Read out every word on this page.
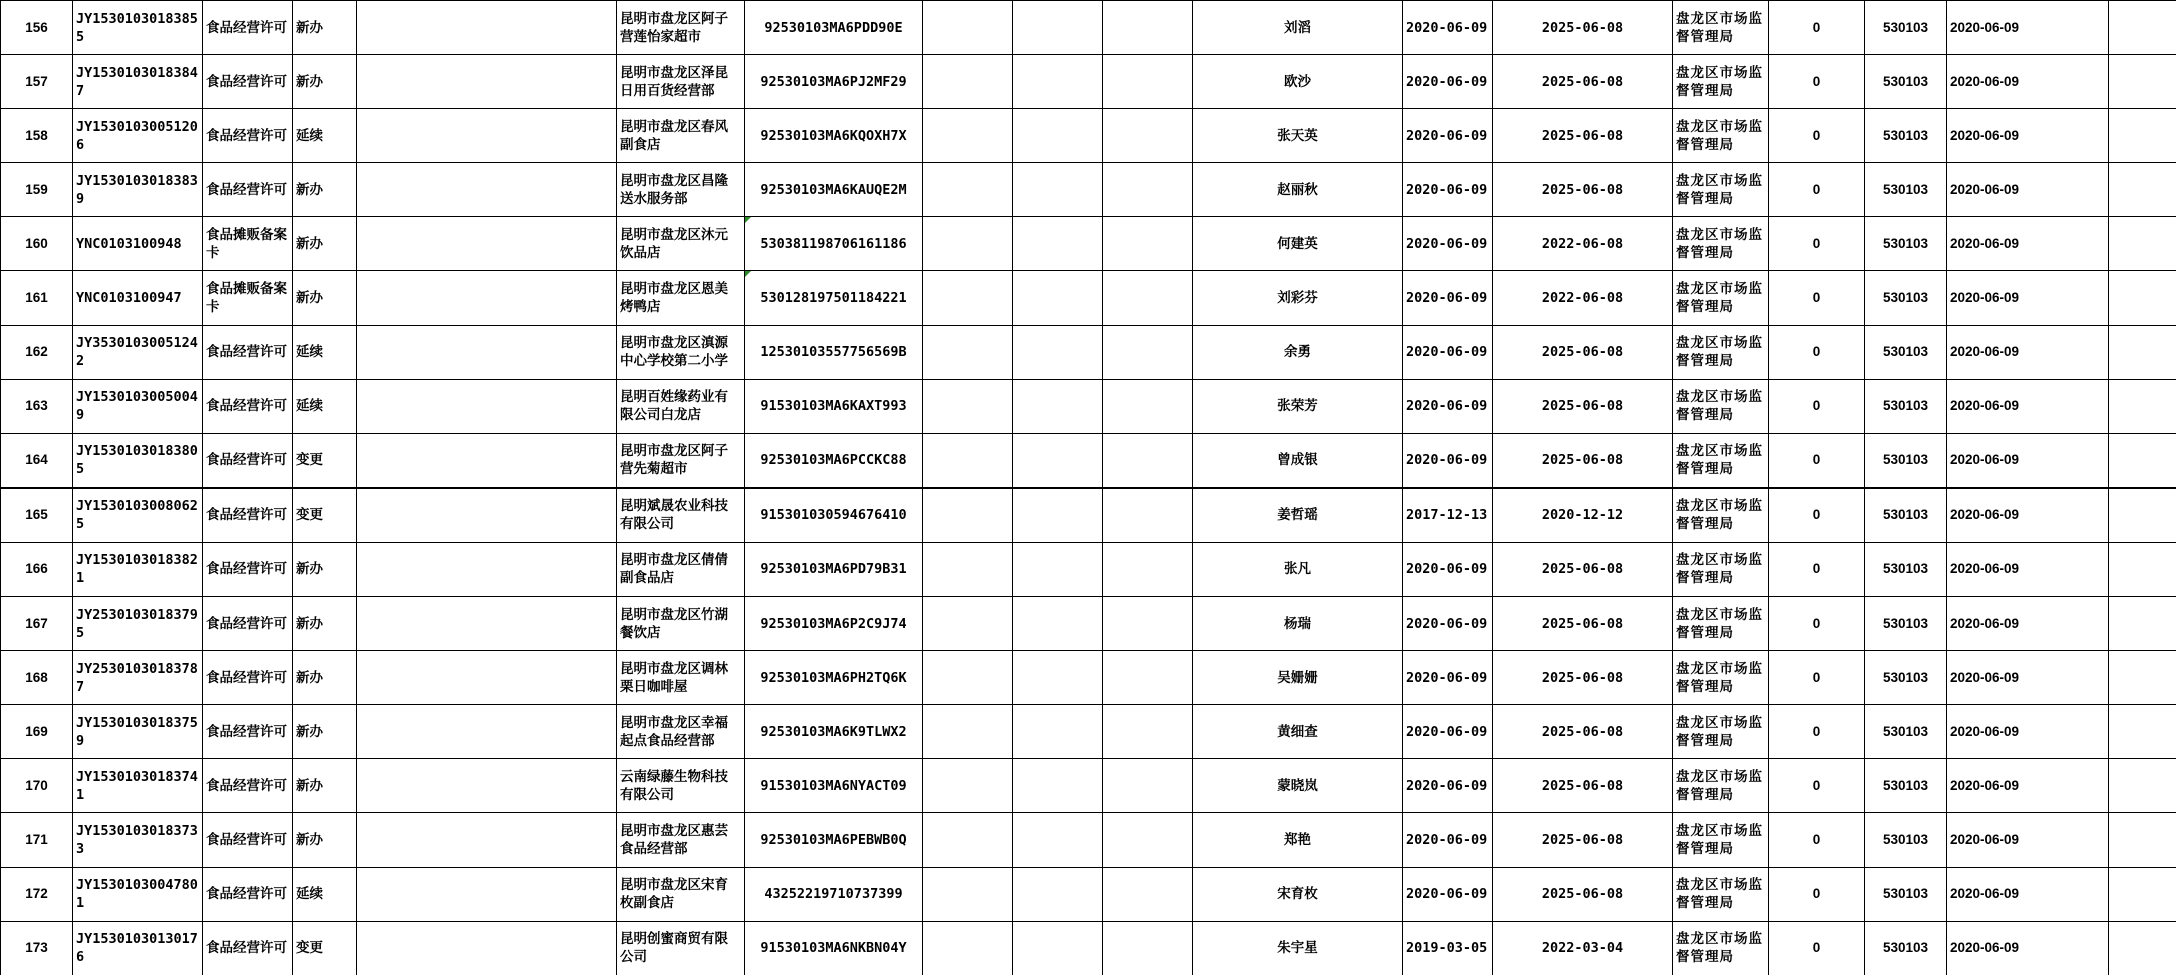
156	JY15301030183855	食品经营许可	新办		昆明市盘龙区阿子营莲怡家超市	92530103MA6PDD90E				刘滔	2020-06-09	2025-06-08	盘龙区市场监督管理局	0	530103	2020-06-09	
157	JY15301030183847	食品经营许可	新办		昆明市盘龙区泽昆日用百货经营部	92530103MA6PJ2MF29				欧沙	2020-06-09	2025-06-08	盘龙区市场监督管理局	0	530103	2020-06-09	
158	JY15301030051206	食品经营许可	延续		昆明市盘龙区春风副食店	92530103MA6KQOXH7X				张天英	2020-06-09	2025-06-08	盘龙区市场监督管理局	0	530103	2020-06-09	
159	JY15301030183839	食品经营许可	新办		昆明市盘龙区昌隆送水服务部	92530103MA6KAUQE2M				赵丽秋	2020-06-09	2025-06-08	盘龙区市场监督管理局	0	530103	2020-06-09	
160	YNC0103100948	食品摊贩备案卡	新办		昆明市盘龙区沐元饮品店	530381198706161186				何建英	2020-06-09	2022-06-08	盘龙区市场监督管理局	0	530103	2020-06-09	
161	YNC0103100947	食品摊贩备案卡	新办		昆明市盘龙区恩美烤鸭店	530128197501184221				刘彩芬	2020-06-09	2022-06-08	盘龙区市场监督管理局	0	530103	2020-06-09	
162	JY35301030051242	食品经营许可	延续		昆明市盘龙区滇源中心学校第二小学	12530103557756569B				余勇	2020-06-09	2025-06-08	盘龙区市场监督管理局	0	530103	2020-06-09	
163	JY15301030050049	食品经营许可	延续		昆明百姓缘药业有限公司白龙店	91530103MA6KAXT993				张荣芳	2020-06-09	2025-06-08	盘龙区市场监督管理局	0	530103	2020-06-09	
164	JY15301030183805	食品经营许可	变更		昆明市盘龙区阿子营先菊超市	92530103MA6PCCKC88				曾成银	2020-06-09	2025-06-08	盘龙区市场监督管理局	0	530103	2020-06-09	
165	JY15301030080625	食品经营许可	变更		昆明斌晟农业科技有限公司	915301030594676410				姜哲瑶	2017-12-13	2020-12-12	盘龙区市场监督管理局	0	530103	2020-06-09	
166	JY15301030183821	食品经营许可	新办		昆明市盘龙区倩倩副食品店	92530103MA6PD79B31				张凡	2020-06-09	2025-06-08	盘龙区市场监督管理局	0	530103	2020-06-09	
167	JY25301030183795	食品经营许可	新办		昆明市盘龙区竹湖餐饮店	92530103MA6P2C9J74				杨瑞	2020-06-09	2025-06-08	盘龙区市场监督管理局	0	530103	2020-06-09	
168	JY25301030183787	食品经营许可	新办		昆明市盘龙区调林栗日咖啡屋	92530103MA6PH2TQ6K				吴姗姗	2020-06-09	2025-06-08	盘龙区市场监督管理局	0	530103	2020-06-09	
169	JY15301030183759	食品经营许可	新办		昆明市盘龙区幸福起点食品经营部	92530103MA6K9TLWX2				黄细查	2020-06-09	2025-06-08	盘龙区市场监督管理局	0	530103	2020-06-09	
170	JY15301030183741	食品经营许可	新办		云南绿藤生物科技有限公司	91530103MA6NYACT09				蒙晓岚	2020-06-09	2025-06-08	盘龙区市场监督管理局	0	530103	2020-06-09	
171	JY15301030183733	食品经营许可	新办		昆明市盘龙区惠芸食品经营部	92530103MA6PEBWB0Q				郑艳	2020-06-09	2025-06-08	盘龙区市场监督管理局	0	530103	2020-06-09	
172	JY15301030047801	食品经营许可	延续		昆明市盘龙区宋育枚副食店	43252219710737399				宋育枚	2020-06-09	2025-06-08	盘龙区市场监督管理局	0	530103	2020-06-09	
173	JY15301030130176	食品经营许可	变更		昆明创蜜商贸有限公司	91530103MA6NKBN04Y				朱宇星	2019-03-05	2022-03-04	盘龙区市场监督管理局	0	530103	2020-06-09	
